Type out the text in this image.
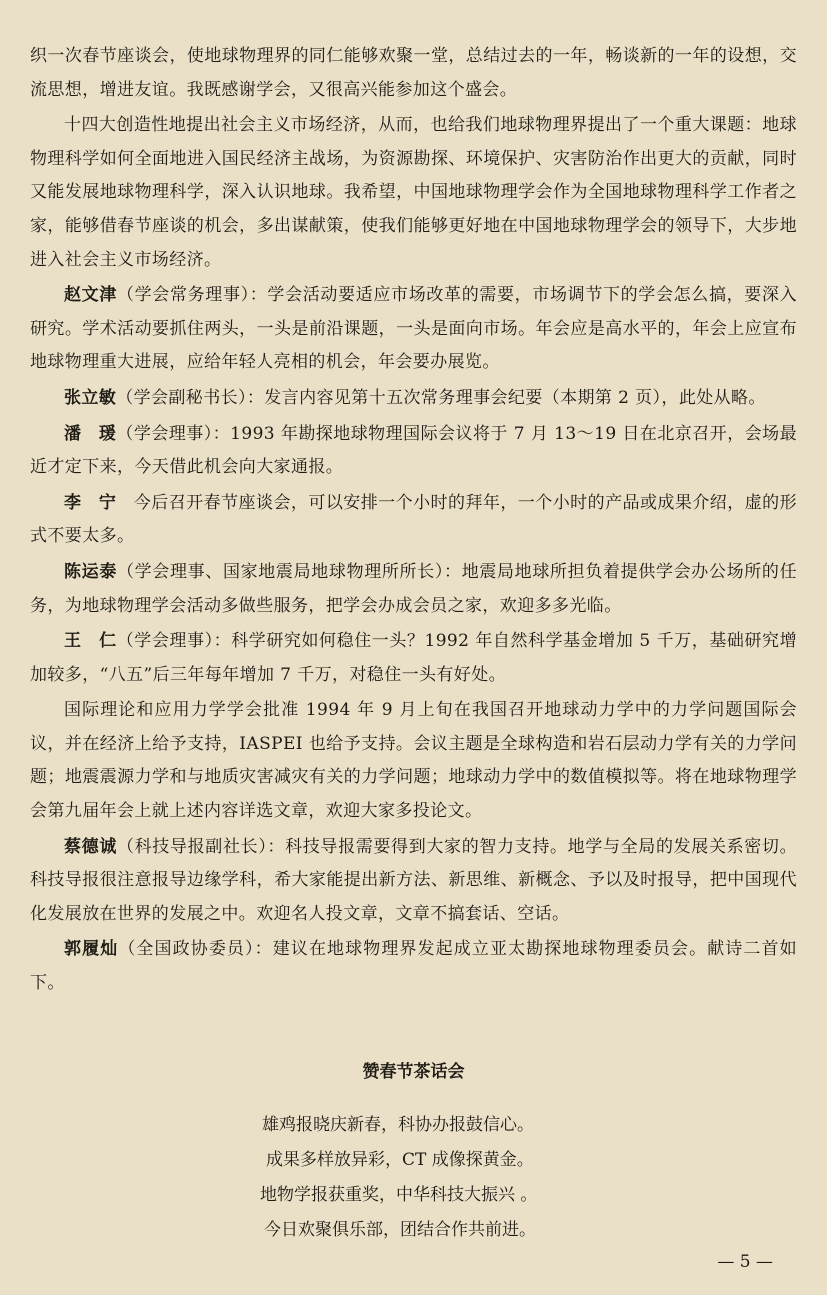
织一次春节座谈会，使地球物理界的同仁能够欢聚一堂，总结过去的一年，畅谈新的一年的设想，交流思想，增进友谊。我既感谢学会，又很高兴能参加这个盛会。

十四大创造性地提出社会主义市场经济，从而，也给我们地球物理界提出了一个重大课题：地球物理科学如何全面地进入国民经济主战场，为资源勘探、环境保护、灾害防治作出更大的贡献，同时又能发展地球物理科学，深入认识地球。我希望，中国地球物理学会作为全国地球物理科学工作者之家，能够借春节座谈的机会，多出谋献策，使我们能够更好地在中国地球物理学会的领导下，大步地进入社会主义市场经济。

赵文津（学会常务理事）：学会活动要适应市场改革的需要，市场调节下的学会怎么搞，要深入研究。学术活动要抓住两头，一头是前沿课题，一头是面向市场。年会应是高水平的，年会上应宣布地球物理重大进展，应给年轻人亮相的机会，年会要办展览。

张立敏（学会副秘书长）：发言内容见第十五次常务理事会纪要（本期第 2 页），此处从略。

潘　瑗（学会理事）：1993 年勘探地球物理国际会议将于 7 月 13～19 日在北京召开，会场最近才定下来，今天借此机会向大家通报。

李　宁　今后召开春节座谈会，可以安排一个小时的拜年，一个小时的产品或成果介绍，虚的形式不要太多。

陈运泰（学会理事、国家地震局地球物理所所长）：地震局地球所担负着提供学会办公场所的任务，为地球物理学会活动多做些服务，把学会办成会员之家，欢迎多多光临。

王　仁（学会理事）：科学研究如何稳住一头？1992 年自然科学基金增加 5 千万，基础研究增加较多，“八五”后三年每年增加 7 千万，对稳住一头有好处。

国际理论和应用力学学会批准 1994 年 9 月上旬在我国召开地球动力学中的力学问题国际会议，并在经济上给予支持，IASPEI 也给予支持。会议主题是全球构造和岩石层动力学有关的力学问题；地震震源力学和与地质灾害减灾有关的力学问题；地球动力学中的数值模拟等。将在地球物理学会第九届年会上就上述内容详选文章，欢迎大家多投论文。

蔡德诚（科技导报副社长）：科技导报需要得到大家的智力支持。地学与全局的发展关系密切。科技导报很注意报导边缘学科，希大家能提出新方法、新思维、新概念、予以及时报导，把中国现代化发展放在世界的发展之中。欢迎名人投文章，文章不搞套话、空话。

郭履灿（全国政协委员）：建议在地球物理界发起成立亚太勘探地球物理委员会。献诗二首如下。

赞春节茶话会
雄鸡报晓庆新春，科协办报鼓信心。
成果多样放异彩，CT 成像探黄金。
地物学报获重奖，中华科技大振兴 。
今日欢聚俱乐部，团结合作共前进。
— 5 —
